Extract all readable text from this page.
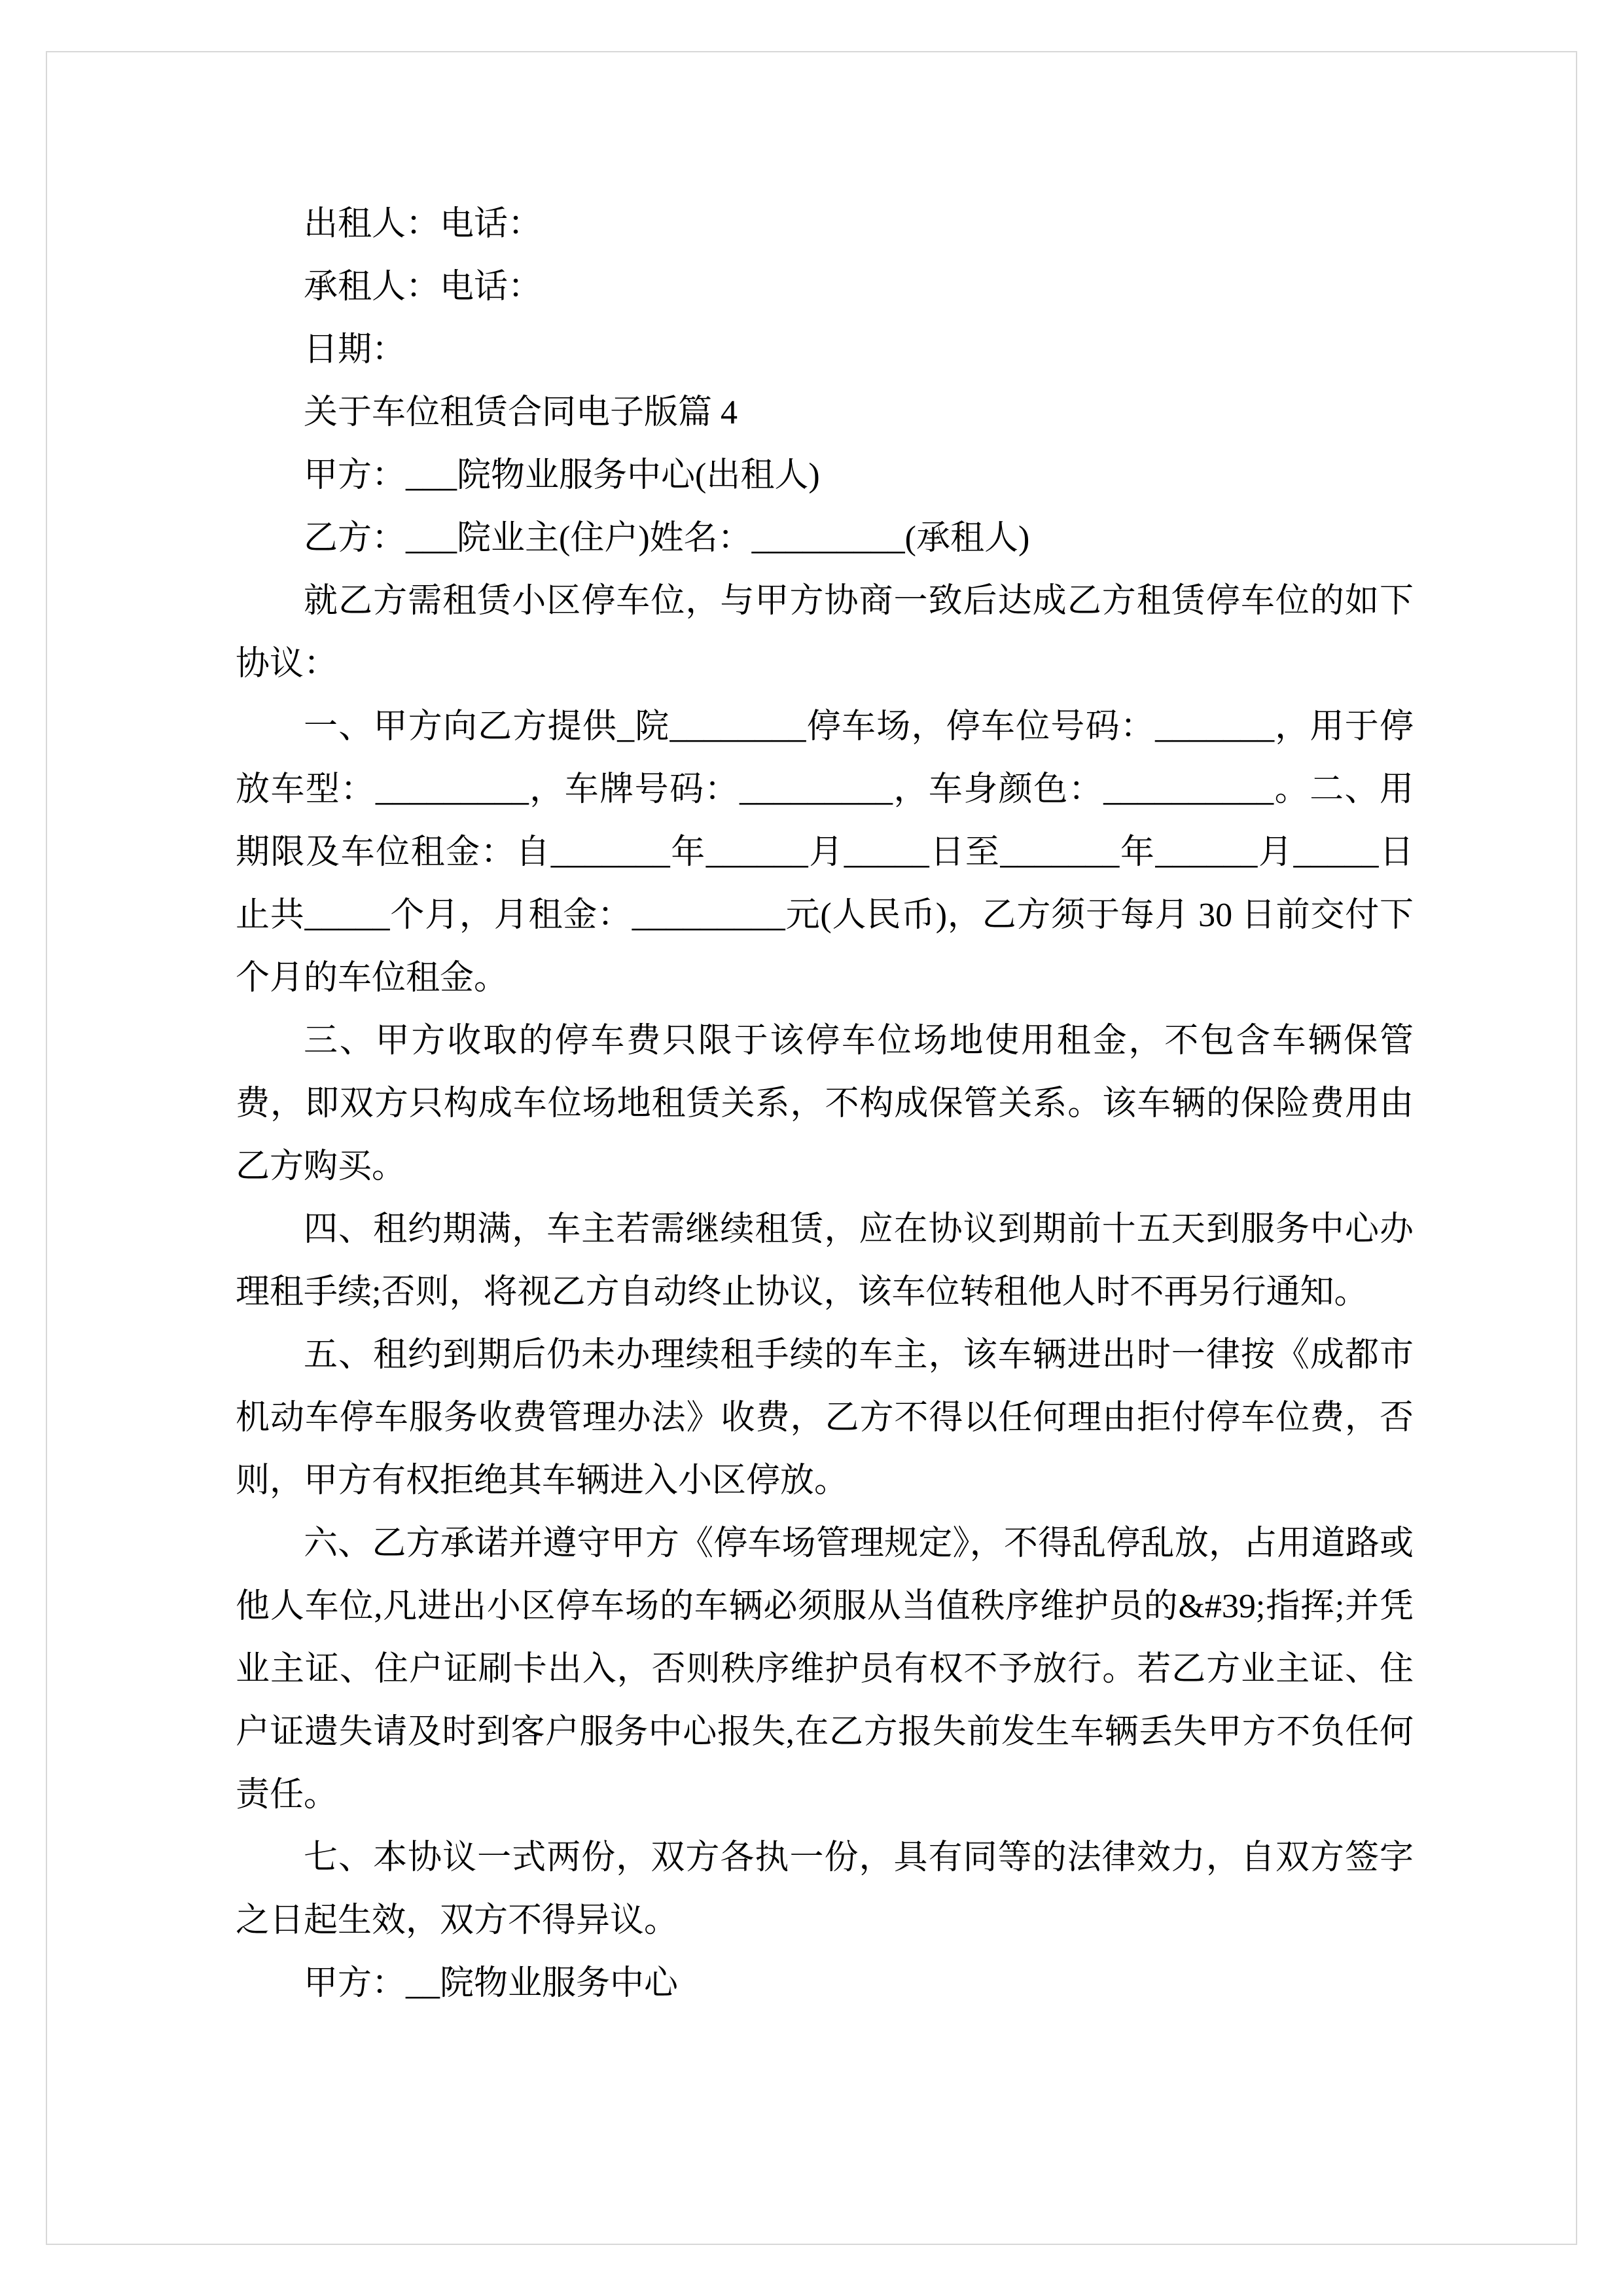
出租人：电话：

承租人：电话：

日期：

关于车位租赁合同电子版篇 4

甲方：___院物业服务中心(出租人)

乙方：___院业主(住户)姓名：_________(承租人)

就乙方需租赁小区停车位，与甲方协商一致后达成乙方租赁停车位的如下协议：

一、甲方向乙方提供_院________停车场，停车位号码：_______，用于停放车型：_________，车牌号码：_________，车身颜色：__________。二、用期限及车位租金：自_______年______月_____日至_______年______月_____日止共_____个月，月租金：_________元(人民币)，乙方须于每月 30 日前交付下个月的车位租金。

三、甲方收取的停车费只限于该停车位场地使用租金，不包含车辆保管费，即双方只构成车位场地租赁关系，不构成保管关系。该车辆的保险费用由乙方购买。

四、租约期满，车主若需继续租赁，应在协议到期前十五天到服务中心办理租手续;否则，将视乙方自动终止协议，该车位转租他人时不再另行通知。

五、租约到期后仍未办理续租手续的车主，该车辆进出时一律按《成都市机动车停车服务收费管理办法》收费，乙方不得以任何理由拒付停车位费，否则，甲方有权拒绝其车辆进入小区停放。

六、乙方承诺并遵守甲方《停车场管理规定》，不得乱停乱放，占用道路或他人车位,凡进出小区停车场的车辆必须服从当值秩序维护员的&#39;指挥;并凭业主证、住户证刷卡出入，否则秩序维护员有权不予放行。若乙方业主证、住户证遗失请及时到客户服务中心报失,在乙方报失前发生车辆丢失甲方不负任何责任。

七、本协议一式两份，双方各执一份，具有同等的法律效力，自双方签字之日起生效，双方不得异议。

甲方：__院物业服务中心
